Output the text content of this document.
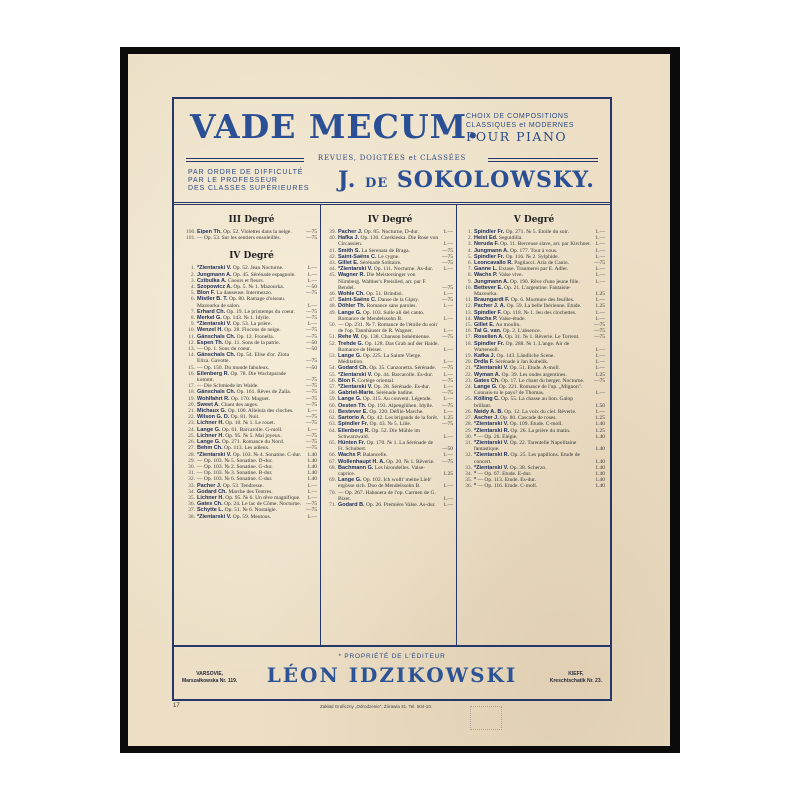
VADE MECUM.
CHOIX DE COMPOSITIONS
CLASSIQUES et MODERNES
POUR PIANO
REVUES, DOIGTÉES et CLASSÉES
PAR ORDRE DE DIFFICULTÉ
PAR LE PROFESSEUR
DES CLASSES SUPÉRIEURES J. DE SOKOLOWSKY.
III Degré
100. Eipen Th. Op. 52. Violettes dans la neige.	—75
101. — Op. 53. Sur les sentiers ensoleillés.	—75
IV Degré
1. *Zientarski V. Op. 52. Jean Nocturne.	1.—
2. Jungmann A. Op. 45. Sérénade espagnole.	1.—
3. Czibulka A. Coeurs et fleurs.	1.—
4. Szopowicz A. Op. 5. № 1. Mazourka.	—50
5. Blon F. La danseuse. Intermezzo.	—75
6. Mistler B. T. Op. 80. Ramage d'oiseau. Mazourka de salon.	1.—
7. Erhard Ch. Op. 19. Le printemps du coeur.	—75
8. Merkel G. Op. 143. № 1. Idylle.	—75
9. *Zientarski V. Op. 53. La prière.	1.—
10. Wenzel H. Op. 28. Flocons de neige.	—75
11. Gänschals Ch. Op. 12. Fronella.	—75
12. Espen Th. Op. 11. Sons de la patrie.	—50
13. — Op. 1. Sons du coeur.	—50
14. Gänschals Ch. Op. 54. Elise d'or. Zlota Eliza. Gavotte.	—75
15. — Op. 150. Du monde fabuleux.	—50
16. Eilenberg R. Op. 78. Die Wachtparade kommt.	—75
17. — Die Schmiede im Walde.	—75
18. Gänschals Ch. Op. 161. Rêves de Zaïla.	—75
19. Wohlfahrt R. Op. 170. Muguet.	—75
20. Sweet A. Chant des anges.	—75
21. Michaux G. Op. 100. Alleluia des cloches.	1.—
22. Wilson G. D. Op. 81. Nuit.	—75
23. Lichner H. Op. 10. № 1. Le rouet.	—75
24. Lange G. Op. 61. Barcarolle. G-moll.	1.—
25. Lichner H. Op. 95. № 5. Mai joyeux.	—75
26. Lange G. Op. 271. Romance du Nord.	—75
27. Behm Ch. Op. 113. Les adieux.	—75
28. *Zientarski V. Op. 103. № 4. Sonatine. C-dur.	1.40
29. — Op. 103. № 5. Sonatine. D-dur.	1.40
30. — Op. 103. № 2. Sonatine. G-dur.	1.40
31. — Op. 103. № 3. Sonatine. B-dur.	1.40
32. — Op. 103. № 6. Sonatine. C-dur.	1.40
33. Pacher J. Op. 53. Tendresse.	1.—
34. Godard Ch. Marche des Tentres.	1.—
35. Lichner H. Op. 95. № 6. Un rêve magnifique.	1.—
36. Gates Ch. Op. 24. Le lac de Côme. Nocturne. —75
37. Schytte L. Op. 51. № 6. Nostalgie.	—75
38. *Zientarski V. Op. 59. Mentous.	1.—
IV Degré
39. Pacher J. Op. 85. Nocturne, D-dur.	1.—
40. Hafka J. Op. 130. Czerkieska. Die Rose von Circassien.	1.—
41. Smith S. La Serenata de Braga.	—75
42. Saint-Saëns C. Le cygne.	—75
43. Gillet E. Sérénade Solitaire.	—75
44. *Zientarski V. Op. 111. Nocturne. As-dur.	1.—
45. Wagner R. Die Meistersinger von Nürnberg. Walther's Preislied, arr. par F. Bendel.	—75
46. Wohle Ch. Op. 51. Brindisi.	1.—
47. Saint-Saëns C. Danse de la Gipsy.	—75
48. Döhler Th. Romance sans paroles.	1.—
49. Lange G. Op. 103. Sulle ali del canto. Romance de Mendelssohn B.	1.—
50. — Op. 231. № 7. Romance de l'étoile du soir de l'op. Tannhäuser de R. Wagner.	1.—
51. Rehe W. Op. 138. Chanson bohémienne.	—75
52. Trehde G. Op. 128. Das Grab auf der Haide. Romance de Heiser.	1.—
53. Lange G. Op. 225. La Sainte Vierge. Méditation.	1.—
54. Godard Ch. Op. 35. Canzonetta. Sérénade.	—75
55. *Zientarski V. Op. 44. Barcarolle. Es-dur.	1.—
56. Blon F. Cortège oriental.	—75
57. *Zientarski V. Op. 28. Sérénade. Es-dur.	1.—
58. Gabriel-Marie. Sérénade badine.	—75
59. Lange G. Op. 315. Au couvent. Légende.	1.—
60. Oesten Th. Op. 193. Alpenglühen. Idylle.	—75
61. Bestever E. Op. 220. Défilé-Marche.	1.—
62. Sartorio A. Op. 42. Les brigands de la forêt. 1.25
63. Spindler Fr. Op. 43. № 5. Lilie.	—75
64. Eilenberg R. Op. 52. Die Mühle im Schwarzwald.	1.—
65. Hünten Fr. Op. 170. № 1. La Sérénade de Fr. Schubert.	—50
66. Wachs P. Balancelle.	1.—
67. Wollenhaupt H. A. Op. 20. № 1. Rêverie.	—75
68. Bachmann G. Les hirondelles. Valse-caprice.	1.25
69. Lange G. Op. 102. Ich wollt' meine Lieb' ergösse sich. Duo de Mendelssohn B.	1.—
70. — Op. 267. Habanera de l'op. Carmen de G. Bizet.	1.—
71. Godard B. Op. 26. Première Valse. As-dur.	1.—
V Degré
1. Spindler Fr. Op. 271. № 5. Etoile du soir.	1.—
2. Heist Ed. Seguidilla.	1.—
3. Neruda F. Op. 11. Berceuse slave, arr. par Kirchner. 1.—
4. Jungmann A. Op. 177. Tout à vous.	1.—
5. Spindler Fr. Op. 116. № 2. Sylphide.	1.—
6. Leoncavallo R. Pagliacci. Aria de Canio.	—75
7. Ganne L. Extase. Traumerei par E. Adler.	1.—
8. Wachs P. Valse vive.	1.—
9. Jungmann A. Op. 190. Rêve d'une jeune fille.	1.—
10. Bettever E. Op. 21. L'argentine. Fantaisie-Mazourka.	1.25
11. Braungardt F. Op. 6. Murmure des feuilles.	1.—
12. Pacher J. A. Op. 59. La belle Ibérienne. Etude.	1.25
13. Spindler F. Op. 118. № 1. Jeu des clochettes.	1.—
14. Wachs P. Valse-étude.	1.—
15. Gillet E. Au moulin.	—75
16. Tal G. van. Op. 2. L'absence.	—75
17. Roselien A. Op. 31. № 1. Rêverie. Le Torrent.	—75
18. Spindler Fr. Op. 288. № 1. L'ange. Air de Wartensoll.	1.—
19. Kafka J. Op. 143. Ländliche Scene.	1.—
20. Drdla F. Sérénade à Jan Kubelik.	1.—
21. *Zientarski V. Op. 51. Etude. A-moll.	1.—
22. Wyman A. Op. 39. Les ondes argentines.	1.25
23. Gates Ch. Op. 17. Le chant du berger. Nocturne.	—75
24. Lange G. Op. 221. Romance de l'op. „Mignon". Connais-tu le pays? de Thomas.	1.—
25. Kölling C. Op. 55. La chasse au lion. Galop brillant.	1.50
26. Neidy A. B. Op. 12. La voix du ciel. Rêverie.	1.—
27. Ascher J. Op. 80. Cascade de roses.	1.25
28. *Zientarski V. Op. 109. Etude. C-moll.	1.40
29. *Zientarski R. Op. 26. La prière du matin.	1.25
30. * — Op. 26. Elégie.	1.40
31. *Zientarski V. Op. 22. Tarentelle Napolitaine fantastique.	1.40
32. *Zientarski R. Op. 25. Les papillons. Etude de concert.	1.40
33. *Zientarski V. Op. 38. Scherzo.	1.40
34. * — Op. 67. Etude. E-dur.	1.40
35. * — Op. 113. Etude. Es-dur.	1.40
36. * — Op. 116. Etude. C-moll.	1.40
VARSOVIE,
Marszałkowska Nr. 119.
* PROPRIÉTÉ DE L'ÉDITEUR
LÉON IDZIKOWSKI	KIEFF,
Kreschtschatik Nr. 23.
17	Zakład Graficzny „Odrodzenie", Żórawia 31. Tel. 504-10.
